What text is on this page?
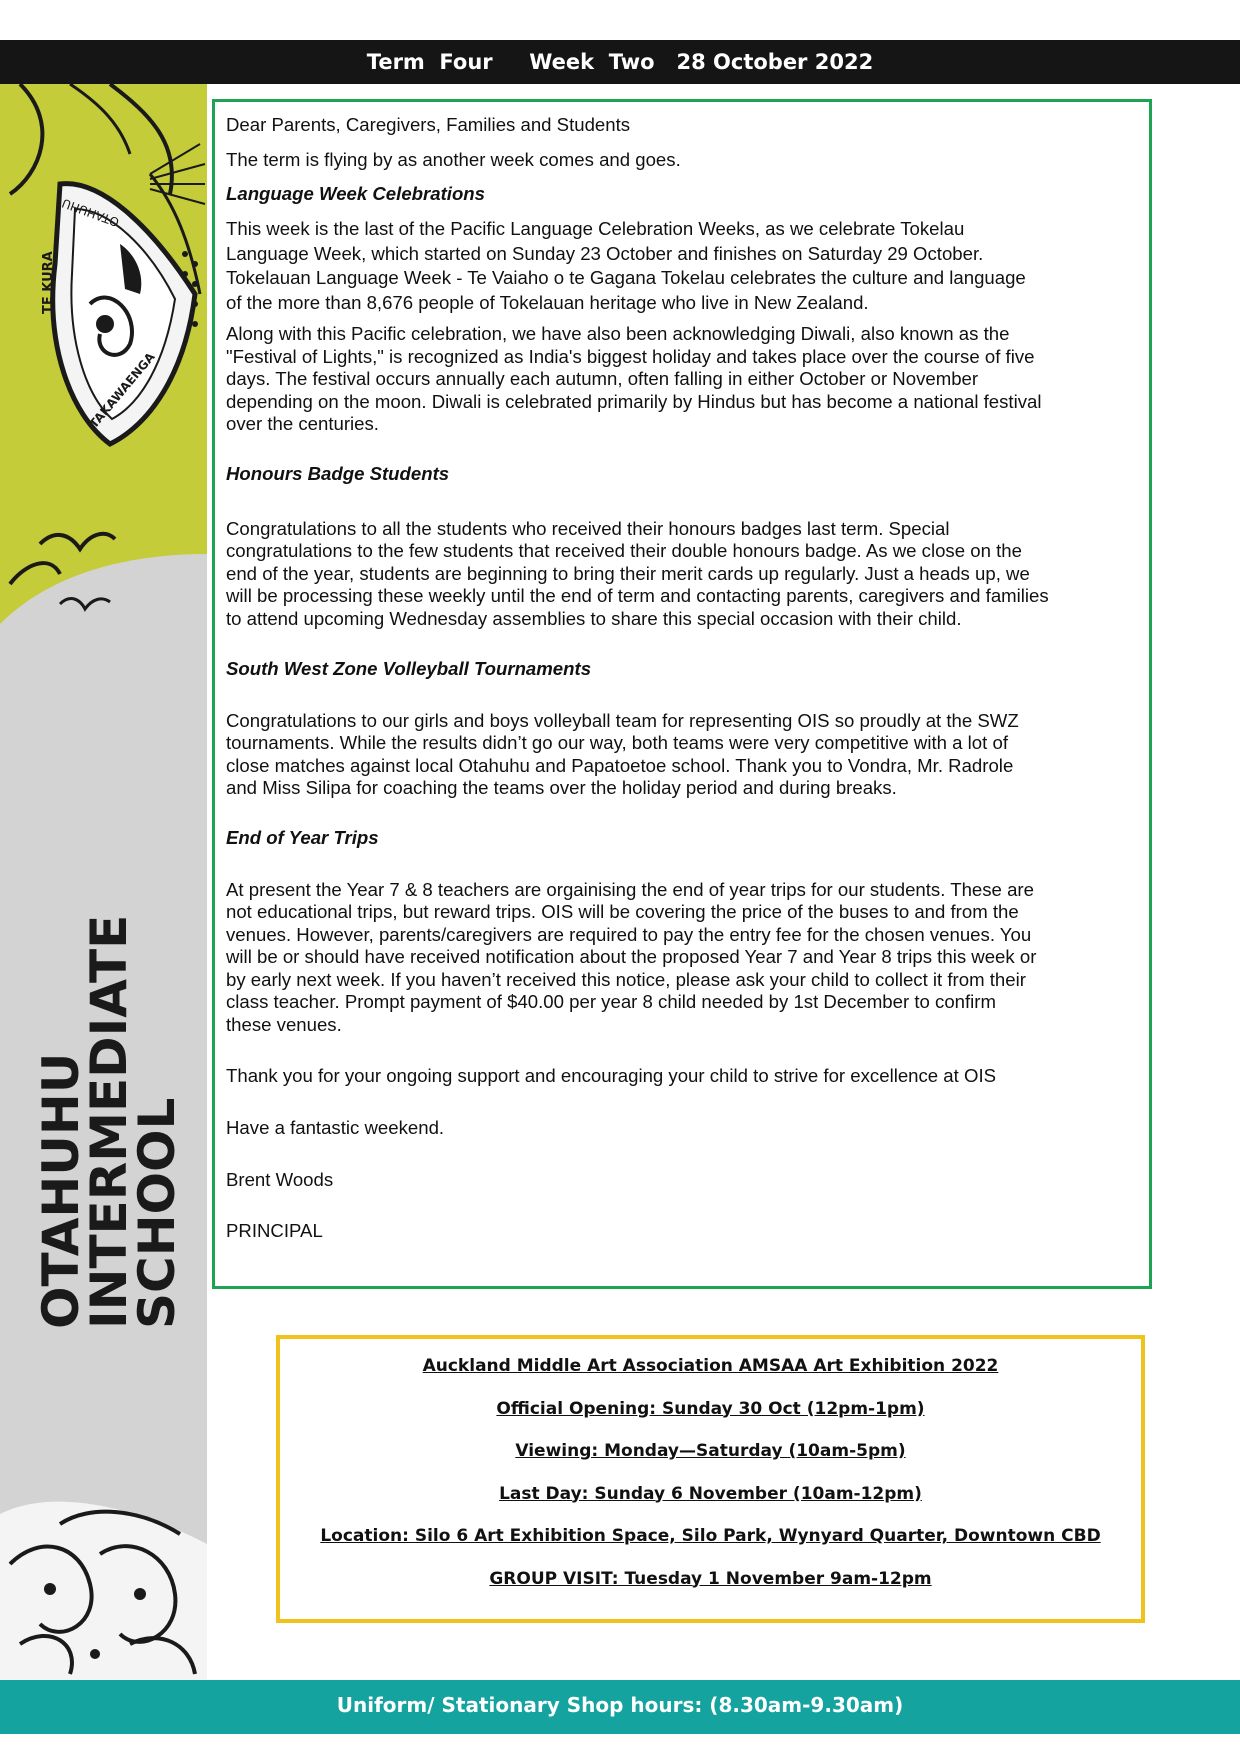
Term  Four     Week  Two   28 October 2022
OTAHUHU
TE KURA
TAKAWAENGA
OTAHUHU
INTERMEDIATE
SCHOOL

Dear Parents, Caregivers, Families and Students

The term is flying by as another week comes and goes.

Language Week Celebrations

This week is the last of the Pacific Language Celebration Weeks, as we celebrate Tokelau
Language Week, which started on Sunday 23 October and finishes on Saturday 29 October.
Tokelauan Language Week - Te Vaiaho o te Gagana Tokelau celebrates the culture and language
of the more than 8,676 people of Tokelauan heritage who live in New Zealand.

Along with this Pacific celebration, we have also been acknowledging Diwali, also known as the
"Festival of Lights," is recognized as India's biggest holiday and takes place over the course of five
days. The festival occurs annually each autumn, often falling in either October or November
depending on the moon. Diwali is celebrated primarily by Hindus but has become a national festival
over the centuries.

Honours Badge Students

Congratulations to all the students who received their honours badges last term. Special
congratulations to the few students that received their double honours badge. As we close on the
end of the year, students are beginning to bring their merit cards up regularly. Just a heads up, we
will be processing these weekly until the end of term and contacting parents, caregivers and families
to attend upcoming Wednesday assemblies to share this special occasion with their child.

South West Zone Volleyball Tournaments

Congratulations to our girls and boys volleyball team for representing OIS so proudly at the SWZ
tournaments. While the results didn’t go our way, both teams were very competitive with a lot of
close matches against local Otahuhu and Papatoetoe school. Thank you to Vondra, Mr. Radrole
and Miss Silipa for coaching the teams over the holiday period and during breaks.

End of Year Trips

At present the Year 7 & 8 teachers are orgainising the end of year trips for our students. These are
not educational trips, but reward trips. OIS will be covering the price of the buses to and from the
venues. However, parents/caregivers are required to pay the entry fee for the chosen venues. You
will be or should have received notification about the proposed Year 7 and Year 8 trips this week or
by early next week. If you haven’t received this notice, please ask your child to collect it from their
class teacher. Prompt payment of $40.00 per year 8 child needed by 1st December to confirm
these venues.

Thank you for your ongoing support and encouraging your child to strive for excellence at OIS

Have a fantastic weekend.

Brent Woods

PRINCIPAL

Auckland Middle Art Association AMSAA Art Exhibition 2022

Official Opening: Sunday 30 Oct (12pm-1pm)

Viewing: Monday—Saturday (10am-5pm)

Last Day: Sunday 6 November (10am-12pm)

Location: Silo 6 Art Exhibition Space, Silo Park, Wynyard Quarter, Downtown CBD

GROUP VISIT: Tuesday 1 November 9am-12pm

Uniform/ Stationary Shop hours: (8.30am-9.30am)
